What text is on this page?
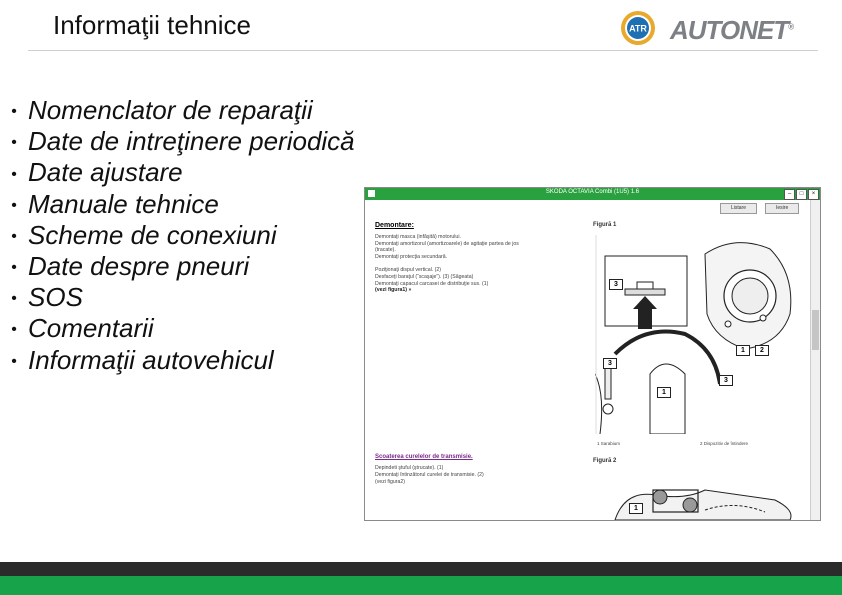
Informaţii tehnice	ATR AUTONET®
• Nomenclator de reparaţii
• Date de intreţinere periodică
• Date ajustare
• Manuale tehnice
• Scheme de conexiuni
• Date despre pneuri
• SOS
• Comentarii
• Informaţii autovehicul
SKODA OCTAVIA Combi (1U5) 1.6	–	□	×
Listare	Iesire
Demontare:
Demontaţi masca (infăşită) motorului.
Demontaţi amortizorul (amortizoarele) de agitaţie partea de jos
(tracate).
Demontaţi protecţia secundară.
Poziţionaţi dispul vertical. (2)
Desfaceţi baraţul (“scaşaje”). (3) (Săgeata)
Demontaţi capacul carcasei de distribuţie sus. (1)
(vezi figura1) »
Scoaterea curelelor de transmisie.
Depindeti ştuful (ştrucate). (1)
Demontaţi întinzătorul curelei de transmisie. (2)
(vezi figura2)
Figură 1
1 Sarabium	2 Dispozitiv de întindere
3
1	2
3
3
1
Figură 2
1
